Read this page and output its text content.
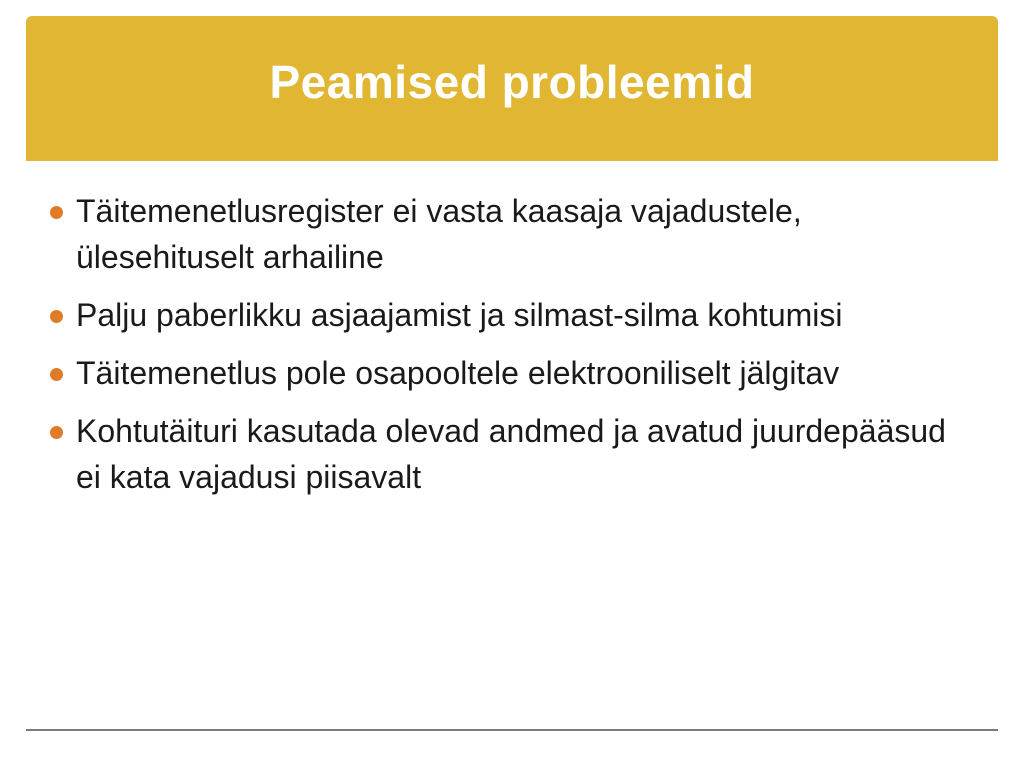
Peamised probleemid
Täitemenetlusregister ei vasta kaasaja vajadustele, ülesehituselt arhailine
Palju paberlikku asjaajamist ja silmast-silma kohtumisi
Täitemenetlus pole osapooltele elektrooniliselt jälgitav
Kohtutäituri kasutada olevad andmed ja avatud juurdepääsud ei kata vajadusi piisavalt
